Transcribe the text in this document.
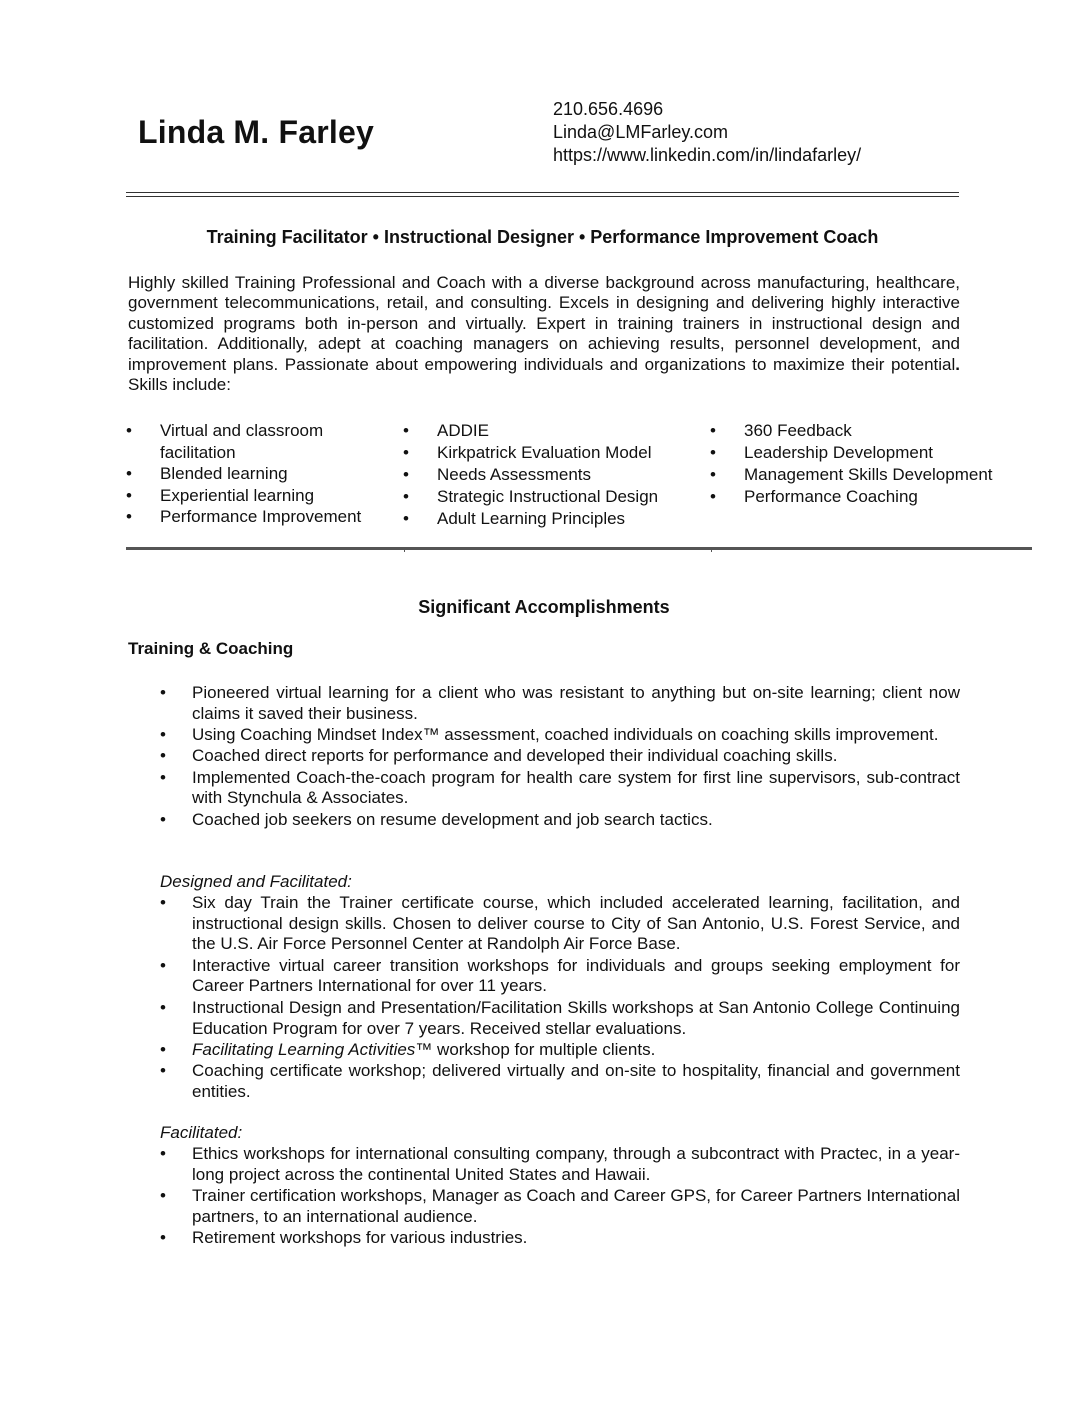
Linda M. Farley
210.656.4696
Linda@LMFarley.com
https://www.linkedin.com/in/lindafarley/
Training Facilitator • Instructional Designer • Performance Improvement Coach

Highly skilled Training Professional and Coach with a diverse background across manufacturing, healthcare, government telecommunications, retail, and consulting. Excels in designing and delivering highly interactive customized programs both in-person and virtually. Expert in training trainers in instructional design and facilitation. Additionally, adept at coaching managers on achieving results, personnel development, and improvement plans. Passionate about empowering individuals and organizations to maximize their potential. Skills include:

•	Virtual and classroom facilitation
•	Blended learning
•	Experiential learning
•	Performance Improvement
•	ADDIE
•	Kirkpatrick Evaluation Model
•	Needs Assessments
•	Strategic Instructional Design
•	Adult Learning Principles
•	360 Feedback
•	Leadership Development
•	Management Skills Development
•	Performance Coaching
Significant Accomplishments
Training & Coaching
• Pioneered virtual learning for a client who was resistant to anything but on-site learning; client now claims it saved their business.
• Using Coaching Mindset Index™ assessment, coached individuals on coaching skills improvement.
• Coached direct reports for performance and developed their individual coaching skills.
• Implemented Coach-the-coach program for health care system for first line supervisors, sub-contract with Stynchula & Associates.
• Coached job seekers on resume development and job search tactics.
Designed and Facilitated:
• Six day Train the Trainer certificate course, which included accelerated learning, facilitation, and instructional design skills. Chosen to deliver course to City of San Antonio, U.S. Forest Service, and the U.S. Air Force Personnel Center at Randolph Air Force Base.
• Interactive virtual career transition workshops for individuals and groups seeking employment for Career Partners International for over 11 years.
• Instructional Design and Presentation/Facilitation Skills workshops at San Antonio College Continuing Education Program for over 7 years. Received stellar evaluations.
• Facilitating Learning Activities™ workshop for multiple clients.
• Coaching certificate workshop; delivered virtually and on-site to hospitality, financial and government entities.
Facilitated:
• Ethics workshops for international consulting company, through a subcontract with Practec, in a year-long project across the continental United States and Hawaii.
• Trainer certification workshops, Manager as Coach and Career GPS, for Career Partners International partners, to an international audience.
• Retirement workshops for various industries.
